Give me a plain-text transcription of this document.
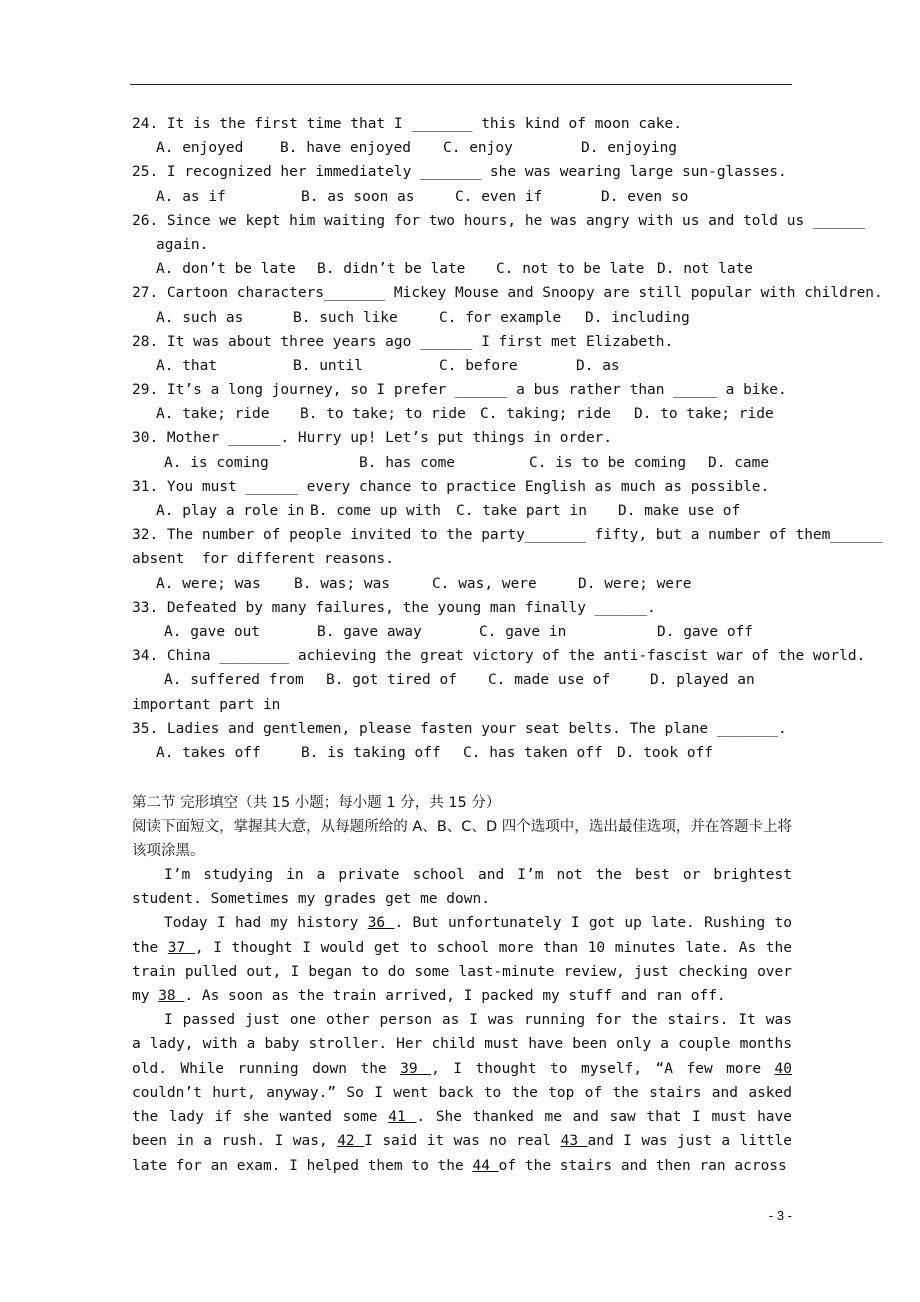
24. It is the first time that I _______ this kind of moon cake.
A. enjoyed	B. have enjoyed	C. enjoy	D. enjoying
25. I recognized her immediately _______ she was wearing large sun-glasses.
A. as if	B. as soon as	C. even if	D. even so
26. Since we kept him waiting for two hours, he was angry with us and told us ______
again.
A. don’t be late	B. didn’t be late	C. not to be late D. not late
27. Cartoon characters_______ Mickey Mouse and Snoopy are still popular with children.
A. such as	B. such like	C. for example	D. including
28. It was about three years ago ______ I first met Elizabeth.
A. that	B. until	C. before	D. as
29. It’s a long journey, so I prefer ______ a bus rather than _____ a bike.
A. take; ride	B. to take; to ride C. taking; ride	D. to take; ride
30. Mother ______. Hurry up! Let’s put things in order.
A. is coming	B. has come	C. is to be coming	D. came
31. You must ______ every chance to practice English as much as possible.
A. play a role in B. come up with	C. take part in	D. make use of
32. The number of people invited to the party_______ fifty, but a number of them______
absent  for different reasons.
A. were; was	B. was; was	C. was, were	D. were; were
33. Defeated by many failures, the young man finally ______.
A. gave out	B. gave away	C. gave in	D. gave off
34. China ________ achieving the great victory of the anti-fascist war of the world.
A. suffered from	B. got tired of	C. made use of	D. played an
important part in
35. Ladies and gentlemen, please fasten your seat belts. The plane _______.
A. takes off	B. is taking off	C. has taken off D. took off
第二节 完形填空（共 15 小题；每小题 1 分，共 15 分）
阅读下面短文，掌握其大意，从每题所给的 A、B、C、D 四个选项中，选出最佳选项，并在答题卡上将该项涂黑。

I’m studying in a private school and I’m not the best or brightest student. Sometimes my grades get me down.

Today I had my history 36 . But unfortunately I got up late. Rushing to the 37 , I thought I would get to school more than 10 minutes late. As the train pulled out, I began to do some last-minute review, just checking over my 38 . As soon as the train arrived, I packed my stuff and ran off.

I passed just one other person as I was running for the stairs. It was a lady, with a baby stroller. Her child must have been only a couple months old. While running down the 39 , I thought to myself, “A few more 40 couldn’t hurt, anyway.” So I went back to the top of the stairs and asked the lady if she wanted some 41 . She thanked me and saw that I must have been in a rush. I was, 42 I said it was no real 43 and I was just a little late for an exam. I helped them to the 44 of the stairs and then ran across

- 3 -
